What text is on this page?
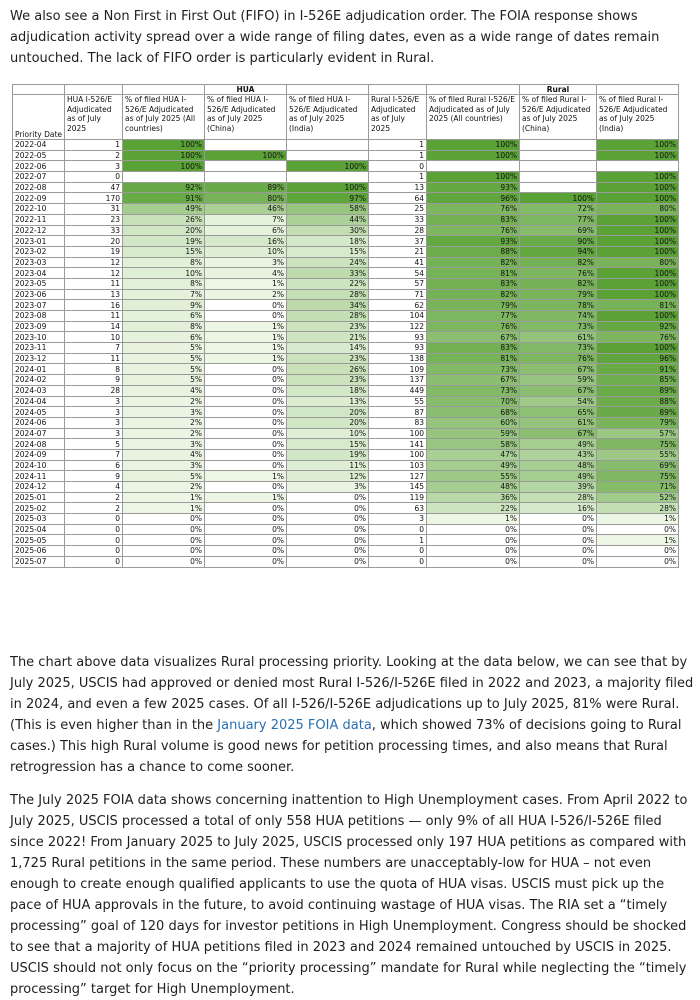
We also see a Non First in First Out (FIFO) in I-526E adjudication order. The FOIA response shows adjudication activity spread over a wide range of filing dates, even as a wide range of dates remain untouched. The lack of FIFO order is particularly evident in Rural.

			HUA				Rural	
Priority Date	HUA I-526/E Adjudicated as of July 2025	% of filed HUA I-526/E Adjudicated as of July 2025 (All countries)	% of filed HUA I-526/E Adjudicated as of July 2025 (China)	% of filed HUA I-526/E Adjudicated as of July 2025 (India)	Rural I-526/E Adjudicated as of July 2025	% of filed Rural I-526/E Adjudicated as of July 2025 (All countries)	% of filed Rural I-526/E Adjudicated as of July 2025 (China)	% of filed Rural I-526/E Adjudicated as of July 2025 (India)
2022-04	1	100%			1	100%		100%
2022-05	2	100%	100%		1	100%		100%
2022-06	3	100%		100%	0			
2022-07	0				1	100%		100%
2022-08	47	92%	89%	100%	13	93%		100%
2022-09	170	91%	80%	97%	64	96%	100%	100%
2022-10	31	49%	46%	58%	25	76%	72%	80%
2022-11	23	26%	7%	44%	33	83%	77%	100%
2022-12	33	20%	6%	30%	28	76%	69%	100%
2023-01	20	19%	16%	18%	37	93%	90%	100%
2023-02	19	15%	10%	15%	21	88%	94%	100%
2023-03	12	8%	3%	24%	41	82%	82%	80%
2023-04	12	10%	4%	33%	54	81%	76%	100%
2023-05	11	8%	1%	22%	57	83%	82%	100%
2023-06	13	7%	2%	28%	71	82%	79%	100%
2023-07	16	9%	0%	34%	62	79%	78%	81%
2023-08	11	6%	0%	28%	104	77%	74%	100%
2023-09	14	8%	1%	23%	122	76%	73%	92%
2023-10	10	6%	1%	21%	93	67%	61%	76%
2023-11	7	5%	1%	14%	93	83%	73%	100%
2023-12	11	5%	1%	23%	138	81%	76%	96%
2024-01	8	5%	0%	26%	109	73%	67%	91%
2024-02	9	5%	0%	23%	137	67%	59%	85%
2024-03	28	4%	0%	18%	449	73%	67%	89%
2024-04	3	2%	0%	13%	55	70%	54%	88%
2024-05	3	3%	0%	20%	87	68%	65%	89%
2024-06	3	2%	0%	20%	83	60%	61%	79%
2024-07	3	2%	0%	10%	100	59%	67%	57%
2024-08	5	3%	0%	15%	141	58%	49%	75%
2024-09	7	4%	0%	19%	100	47%	43%	55%
2024-10	6	3%	0%	11%	103	49%	48%	69%
2024-11	9	5%	1%	12%	127	55%	49%	75%
2024-12	4	2%	0%	3%	145	48%	39%	71%
2025-01	2	1%	1%	0%	119	36%	28%	52%
2025-02	2	1%	0%	0%	63	22%	16%	28%
2025-03	0	0%	0%	0%	3	1%	0%	1%
2025-04	0	0%	0%	0%	0	0%	0%	0%
2025-05	0	0%	0%	0%	1	0%	0%	1%
2025-06	0	0%	0%	0%	0	0%	0%	0%
2025-07	0	0%	0%	0%	0	0%	0%	0%

The chart above data visualizes Rural processing priority. Looking at the data below, we can see that by July 2025, USCIS had approved or denied most Rural I-526/I-526E filed in 2022 and 2023, a majority filed in 2024, and even a few 2025 cases. Of all I-526/I-526E adjudications up to July 2025, 81% were Rural. (This is even higher than in the January 2025 FOIA data, which showed 73% of decisions going to Rural cases.) This high Rural volume is good news for petition processing times, and also means that Rural retrogression has a chance to come sooner.

The July 2025 FOIA data shows concerning inattention to High Unemployment cases. From April 2022 to July 2025, USCIS processed a total of only 558 HUA petitions — only 9% of all HUA I-526/I-526E filed since 2022! From January 2025 to July 2025, USCIS processed only 197 HUA petitions as compared with 1,725 Rural petitions in the same period. These numbers are unacceptably-low for HUA – not even enough to create enough qualified applicants to use the quota of HUA visas. USCIS must pick up the pace of HUA approvals in the future, to avoid continuing wastage of HUA visas. The RIA set a “timely processing” goal of 120 days for investor petitions in High Unemployment. Congress should be shocked to see that a majority of HUA petitions filed in 2023 and 2024 remained untouched by USCIS in 2025. USCIS should not only focus on the “priority processing” mandate for Rural while neglecting the “timely processing” target for High Unemployment.
